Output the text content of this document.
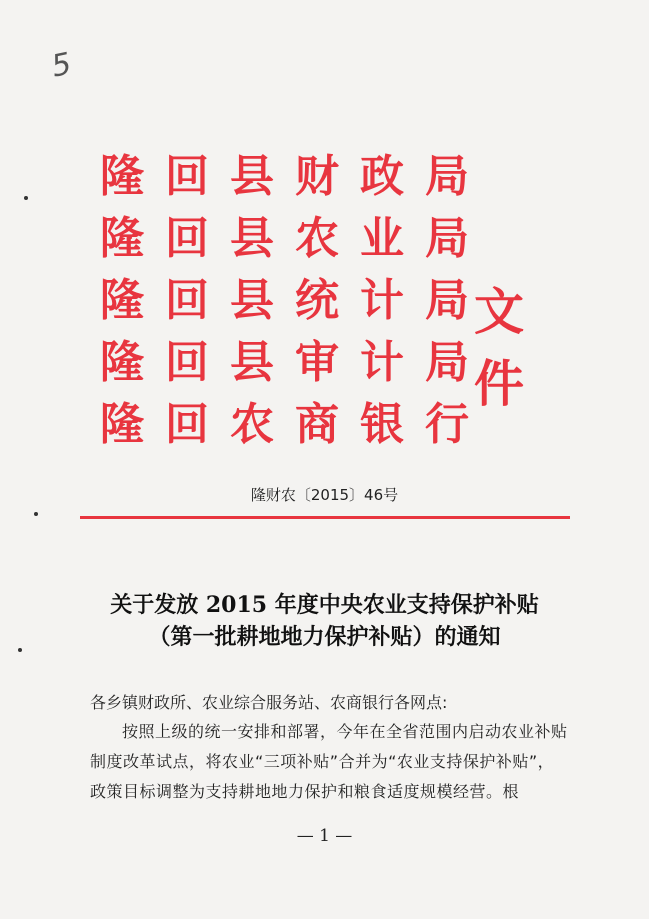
5
隆 回 县 财 政 局
隆 回 县 农 业 局
隆 回 县 统 计 局
隆 回 县 审 计 局
隆 回 农 商 银 行
文件
隆财农〔2015〕46号
关于发放 2015 年度中央农业支持保护补贴
（第一批耕地地力保护补贴）的通知
各乡镇财政所、农业综合服务站、农商银行各网点:
按照上级的统一安排和部署，今年在全省范围内启动农业补贴制度改革试点，将农业“三项补贴”合并为“农业支持保护补贴”，政策目标调整为支持耕地地力保护和粮食适度规模经营。根
— 1 —
